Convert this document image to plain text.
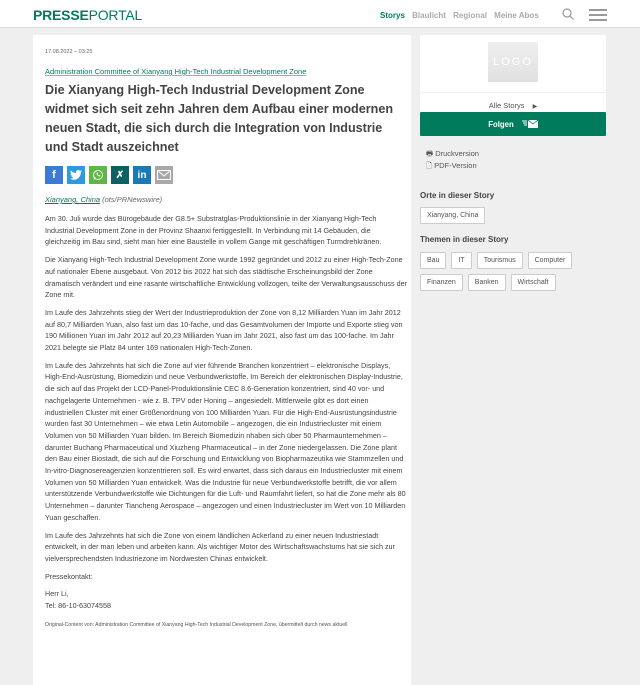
PRESSEPORTAL	Storys Blaulicht Regional Meine Abos
17.08.2022 – 03:25
Administration Committee of Xianyang High-Tech Industrial Development Zone
Die Xianyang High-Tech Industrial Development Zone widmet sich seit zehn Jahren dem Aufbau einer modernen neuen Stadt, die sich durch die Integration von Industrie und Stadt auszeichnet
f	✗	in
Xianyang, China (ots/PRNewswire)

Am 30. Juli wurde das Bürogebäude der G8.5+ Substratglas-Produktionslinie in der Xianyang High-Tech Industrial Development Zone in der Provinz Shaanxi fertiggestellt. In Verbindung mit 14 Gebäuden, die gleichzeitig im Bau sind, sieht man hier eine Baustelle in vollem Gange mit geschäftigen Turmdrehkränen.

Die Xianyang High-Tech Industrial Development Zone wurde 1992 gegründet und 2012 zu einer High-Tech-Zone auf nationaler Ebene ausgebaut. Von 2012 bis 2022 hat sich das städtische Erscheinungsbild der Zone dramatisch verändert und eine rasante wirtschaftliche Entwicklung vollzogen, teilte der Verwaltungsausschuss der Zone mit.

Im Laufe des Jahrzehnts stieg der Wert der Industrieproduktion der Zone von 8,12 Milliarden Yuan im Jahr 2012 auf 80,7 Milliarden Yuan, also fast um das 10-fache, und das Gesamtvolumen der Importe und Exporte stieg von 190 Millionen Yuan im Jahr 2012 auf 20,23 Milliarden Yuan im Jahr 2021, also fast um das 100-fache. Im Jahr 2021 belegte sie Platz 84 unter 169 nationalen High-Tech-Zonen.

Im Laufe des Jahrzehnts hat sich die Zone auf vier führende Branchen konzentriert – elektronische Displays, High-End-Ausrüstung, Biomedizin und neue Verbundwerkstoffe. Im Bereich der elektronischen Display-Industrie, die sich auf das Projekt der LCD-Panel-Produktionslinie CEC 8.6-Generation konzentriert, sind 40 vor- und nachgelagerte Unternehmen - wie z. B. TPV oder Honing – angesiedelt. Mittlerweile gibt es dort einen industriellen Cluster mit einer Größenordnung von 100 Milliarden Yuan. Für die High-End-Ausrüstungsindustrie wurden fast 30 Unternehmen – wie etwa Letin Automobile – angezogen, die ein Industriecluster mit einem Volumen von 50 Milliarden Yuan bilden. Im Bereich Biomedizin nhaben sich über 50 Pharmaunternehmen – darunter Buchang Pharmaceutical und Xiuzheng Pharmaceutical – in der Zone niedergelassen. Die Zone plant den Bau einer Biostadt, die sich auf die Forschung und Entwicklung von Biopharmazeutika wie Stammzellen und In-vitro-Diagnosereagenzien konzentrieren soll. Es wird erwartet, dass sich daraus ein Industriecluster mit einem Volumen von 50 Milliarden Yuan entwickelt. Was die Industrie für neue Verbundwerkstoffe betrifft, die vor allem unterstützende Verbundwerkstoffe wie Dichtungen für die Luft- und Raumfahrt liefert, so hat die Zone mehr als 80 Unternehmen – darunter Tiancheng Aerospace – angezogen und einen Industriecluster im Wert von 10 Milliarden Yuan geschaffen.

Im Laufe des Jahrzehnts hat sich die Zone von einem ländlichen Ackerland zu einer neuen Industriestadt entwickelt, in der man leben und arbeiten kann. Als wichtiger Motor des Wirtschaftswachstums hat sie sich zur vielversprechendsten Industriezone im Nordwesten Chinas entwickelt.

Pressekontakt:

Herr Li,
Tel: 86-10-63074558
Original-Content von: Administration Committee of Xianyang High-Tech Industrial Development Zone, übermittelt durch news aktuell
LOGO
Alle Storys ▶
Folgen
🖶 Druckversion
🗋 PDF-Version
Orte in dieser Story
Xianyang, China
Themen in dieser Story
Bau	IT	Tourismus	Computer
Finanzen	Banken	Wirtschaft
